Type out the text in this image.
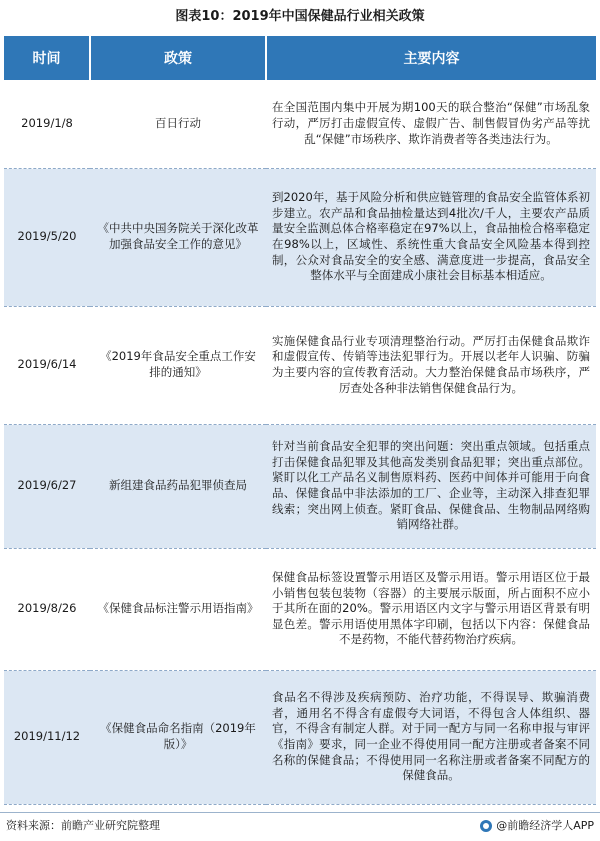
图表10：2019年中国保健品行业相关政策
时间	政策	主要内容
2019/1/8	百日行动	在全国范围内集中开展为期100天的联合整治“保健”市场乱象行动，严厉打击虚假宣传、虚假广告、制售假冒伪劣产品等扰乱“保健”市场秩序、欺诈消费者等各类违法行为。

2019/5/20	《中共中央国务院关于深化改革加强食品安全工作的意见》	到2020年，基于风险分析和供应链管理的食品安全监管体系初步建立。农产品和食品抽检量达到4批次/千人，主要农产品质量安全监测总体合格率稳定在97%以上，食品抽检合格率稳定在98%以上，区域性、系统性重大食品安全风险基本得到控制，公众对食品安全的安全感、满意度进一步提高，食品安全整体水平与全面建成小康社会目标基本相适应。

2019/6/14	《2019年食品安全重点工作安排的通知》	实施保健食品行业专项清理整治行动。严厉打击保健食品欺诈和虚假宣传、传销等违法犯罪行为。开展以老年人识骗、防骗为主要内容的宣传教育活动。大力整治保健食品市场秩序，严厉查处各种非法销售保健食品行为。

2019/6/27	新组建食品药品犯罪侦查局	针对当前食品安全犯罪的突出问题：突出重点领域。包括重点打击保健食品犯罪及其他高发类别食品犯罪；突出重点部位。紧盯以化工产品名义制售原料药、医药中间体并可能用于向食品、保健食品中非法添加的工厂、企业等，主动深入排查犯罪线索；突出网上侦查。紧盯食品、保健食品、生物制品网络购销网络社群。

2019/8/26	《保健食品标注警示用语指南》	保健食品标签设置警示用语区及警示用语。警示用语区位于最小销售包装包装物（容器）的主要展示版面，所占面积不应小于其所在面的20%。警示用语区内文字与警示用语区背景有明显色差。警示用语使用黑体字印刷，包括以下内容：保健食品不是药物，不能代替药物治疗疾病。

2019/11/12	《保健食品命名指南（2019年版）》	食品名不得涉及疾病预防、治疗功能，不得误导、欺骗消费者，通用名不得含有虚假夸大词语，不得包含人体组织、器官，不得含有制定人群。对于同一配方与同一名称申报与审评《指南》要求，同一企业不得使用同一配方注册或者备案不同名称的保健食品；不得使用同一名称注册或者备案不同配方的保健食品。
资料来源：前瞻产业研究院整理	@前瞻经济学人APP
